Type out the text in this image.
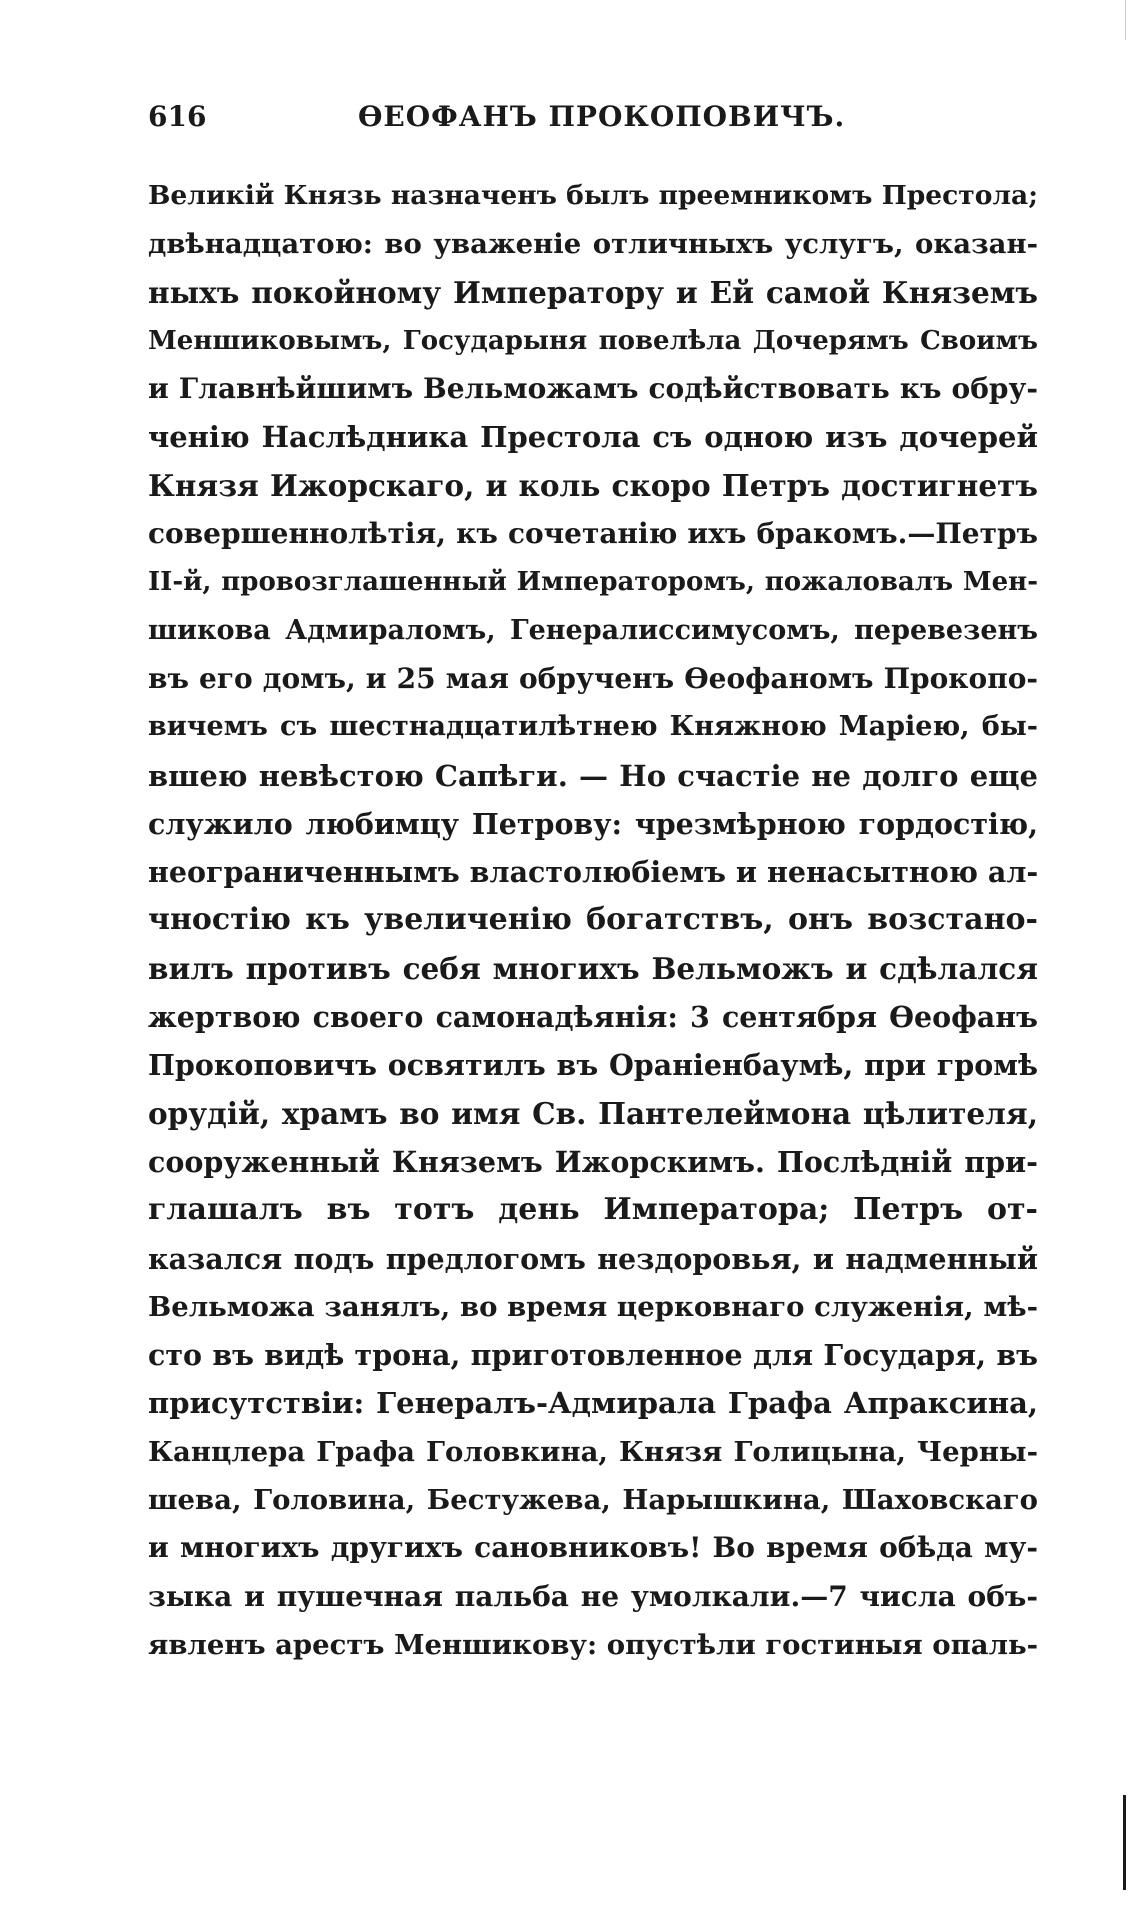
616	ӨЕОФАНЪ ПРОКОПОВИЧЪ.
Великій Князь назначенъ былъ преемникомъ Престола;
двѣнадцатою: во уваженіе отличныхъ услугъ, оказан-
ныхъ покойному Императору и Ей самой Княземъ
Меншиковымъ, Государыня повелѣла Дочерямъ Своимъ
и Главнѣйшимъ Вельможамъ содѣйствовать къ обру-
ченію Наслѣдника Престола съ одною изъ дочерей
Князя Ижорскаго, и коль скоро Петръ достигнетъ
совершеннолѣтія, къ сочетанію ихъ бракомъ.—Петръ
II-й, провозглашенный Императоромъ, пожаловалъ Мен-
шикова Адмираломъ, Генералиссимусомъ, перевезенъ
въ его домъ, и 25 мая обрученъ Өеофаномъ Прокопо-
вичемъ съ шестнадцатилѣтнею Княжною Маріею, бы-
вшею невѣстою Сапѣги. — Но счастіе не долго еще
служило любимцу Петрову: чрезмѣрною гордостію,
неограниченнымъ властолюбіемъ и ненасытною ал-
чностію къ увеличенію богатствъ, онъ возстано-
вилъ противъ себя многихъ Вельможъ и сдѣлался
жертвою своего самонадѣянія: 3 сентября Өеофанъ
Прокоповичъ освятилъ въ Ораніенбаумѣ, при громѣ
орудій, храмъ во имя Св. Пантелеймона цѣлителя,
сооруженный Княземъ Ижорскимъ. Послѣдній при-
глашалъ въ тотъ день Императора; Петръ от-
казался подъ предлогомъ нездоровья, и надменный
Вельможа занялъ, во время церковнаго служенія, мѣ-
сто въ видѣ трона, приготовленное для Государя, въ
присутствіи: Генералъ-Адмирала Графа Апраксина,
Канцлера Графа Головкина, Князя Голицына, Черны-
шева, Головина, Бестужева, Нарышкина, Шаховскаго
и многихъ другихъ сановниковъ! Во время обѣда му-
зыка и пушечная пальба не умолкали.—7 числа объ-
явленъ арестъ Меншикову: опустѣли гостиныя опаль-
